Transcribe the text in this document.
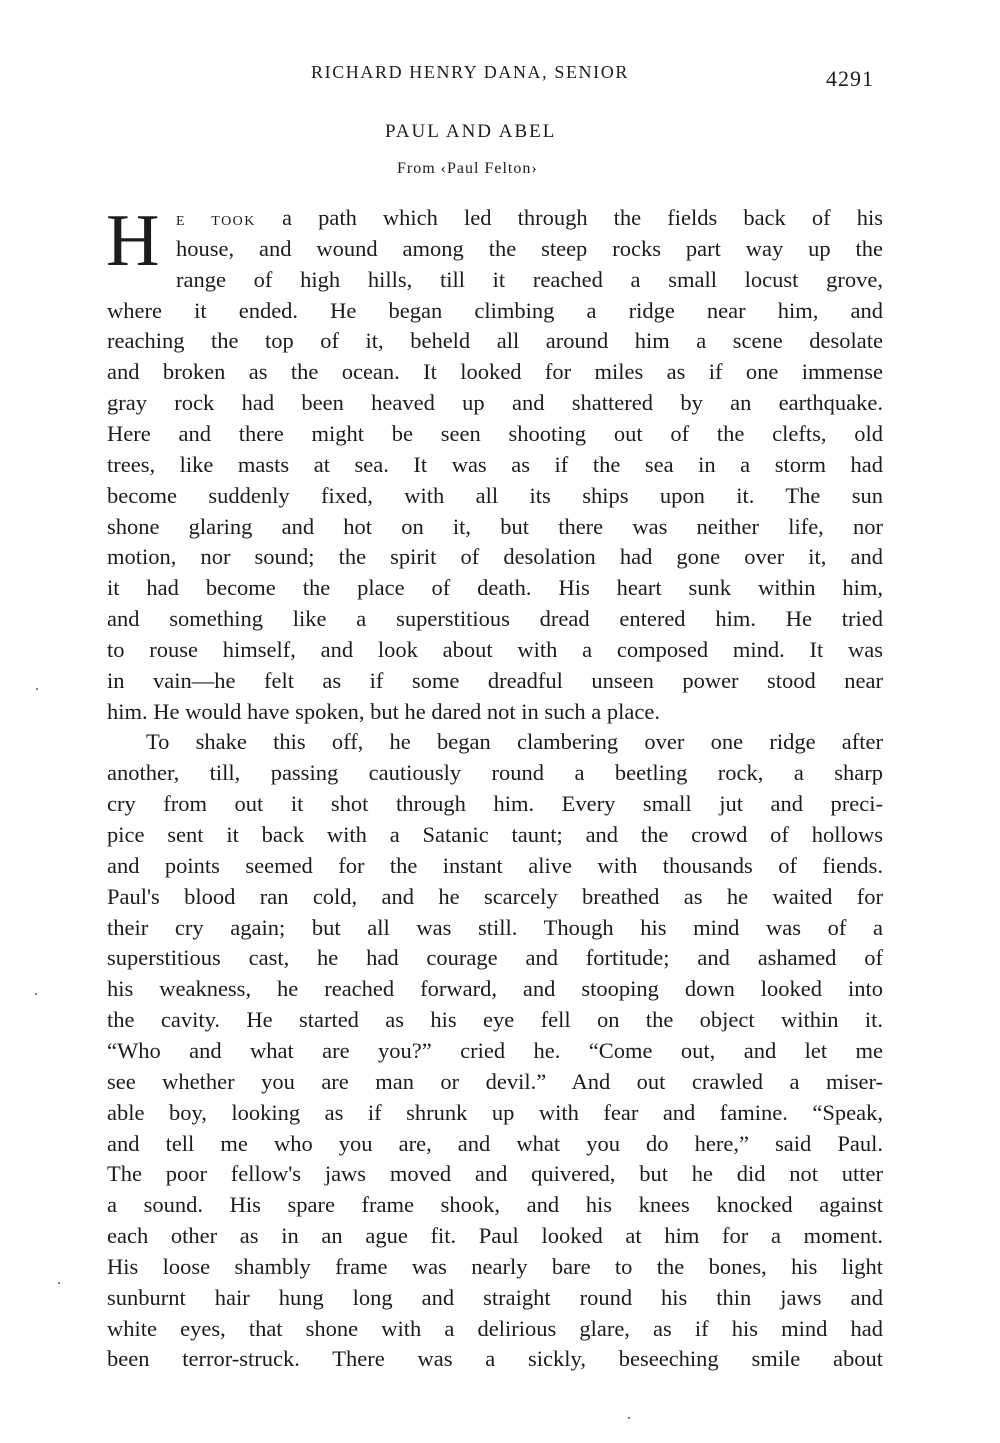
RICHARD HENRY DANA, SENIOR	4291
PAUL AND ABEL
From ‹Paul Felton›
H E TOOK a path which led through the fields back of his
house, and wound among the steep rocks part way up the
range of high hills, till it reached a small locust grove,
where it ended. He began climbing a ridge near him, and
reaching the top of it, beheld all around him a scene desolate
and broken as the ocean. It looked for miles as if one immense
gray rock had been heaved up and shattered by an earthquake.
Here and there might be seen shooting out of the clefts, old
trees, like masts at sea. It was as if the sea in a storm had
become suddenly fixed, with all its ships upon it. The sun
shone glaring and hot on it, but there was neither life, nor
motion, nor sound; the spirit of desolation had gone over it, and
it had become the place of death. His heart sunk within him,
and something like a superstitious dread entered him. He tried
to rouse himself, and look about with a composed mind. It was
in vain—he felt as if some dreadful unseen power stood near
him. He would have spoken, but he dared not in such a place.
To shake this off, he began clambering over one ridge after
another, till, passing cautiously round a beetling rock, a sharp
cry from out it shot through him. Every small jut and preci-
pice sent it back with a Satanic taunt; and the crowd of hollows
and points seemed for the instant alive with thousands of fiends.
Paul's blood ran cold, and he scarcely breathed as he waited for
their cry again; but all was still. Though his mind was of a
superstitious cast, he had courage and fortitude; and ashamed of
his weakness, he reached forward, and stooping down looked into
the cavity. He started as his eye fell on the object within it.
“Who and what are you?” cried he. “Come out, and let me
see whether you are man or devil.” And out crawled a miser-
able boy, looking as if shrunk up with fear and famine. “Speak,
and tell me who you are, and what you do here,” said Paul.
The poor fellow's jaws moved and quivered, but he did not utter
a sound. His spare frame shook, and his knees knocked against
each other as in an ague fit. Paul looked at him for a moment.
His loose shambly frame was nearly bare to the bones, his light
sunburnt hair hung long and straight round his thin jaws and
white eyes, that shone with a delirious glare, as if his mind had
been terror-struck. There was a sickly, beseeching smile about
